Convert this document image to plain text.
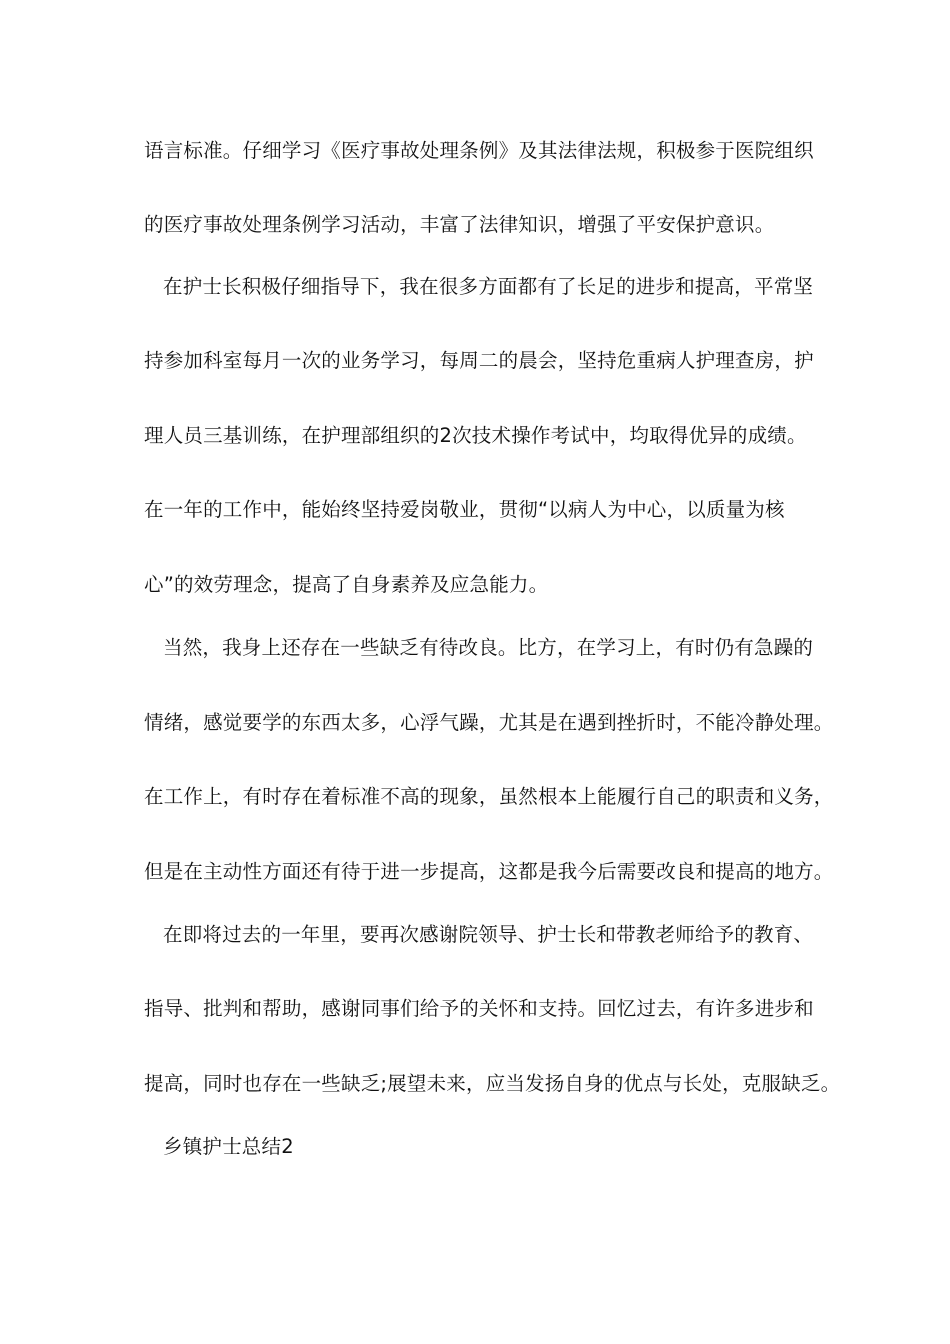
语言标准。仔细学习《医疗事故处理条例》及其法律法规，积极参于医院组织
的医疗事故处理条例学习活动，丰富了法律知识，增强了平安保护意识。
在护士长积极仔细指导下，我在很多方面都有了长足的进步和提高，平常坚
持参加科室每月一次的业务学习，每周二的晨会，坚持危重病人护理查房，护
理人员三基训练，在护理部组织的2次技术操作考试中，均取得优异的成绩。
在一年的工作中，能始终坚持爱岗敬业，贯彻“以病人为中心，以质量为核
心”的效劳理念，提高了自身素养及应急能力。
当然，我身上还存在一些缺乏有待改良。比方，在学习上，有时仍有急躁的
情绪，感觉要学的东西太多，心浮气躁，尤其是在遇到挫折时，不能冷静处理。
在工作上，有时存在着标准不高的现象，虽然根本上能履行自己的职责和义务，
但是在主动性方面还有待于进一步提高，这都是我今后需要改良和提高的地方。
在即将过去的一年里，要再次感谢院领导、护士长和带教老师给予的教育、
指导、批判和帮助，感谢同事们给予的关怀和支持。回忆过去，有许多进步和
提高，同时也存在一些缺乏;展望未来，应当发扬自身的优点与长处，克服缺乏。
乡镇护士总结2
